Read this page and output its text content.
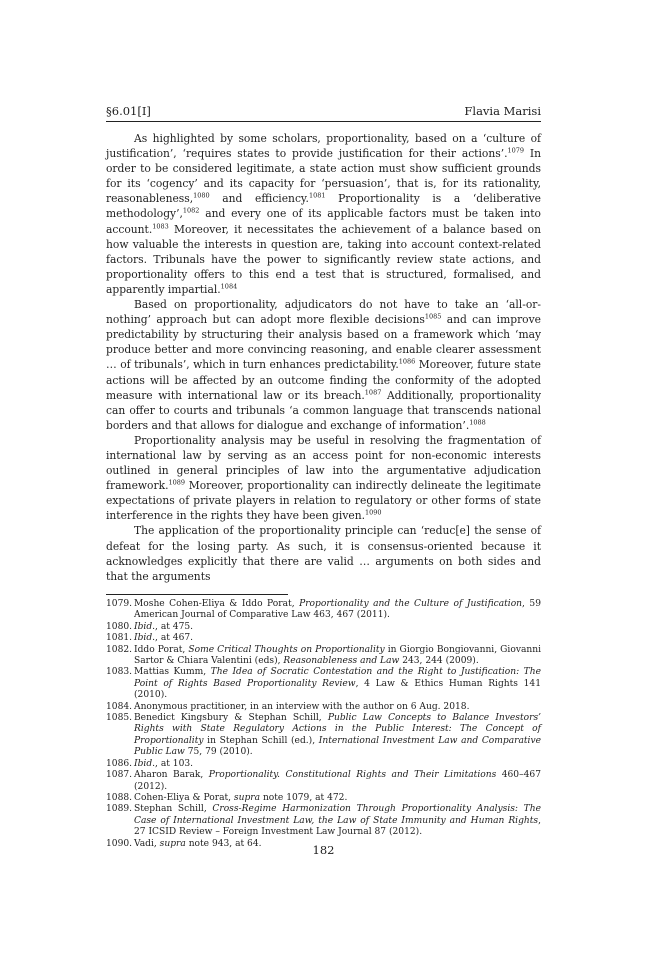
§6.01[I]	Flavia Marisi

As highlighted by some scholars, proportionality, based on a ‘culture of justification’, ‘requires states to provide justification for their actions’.$^{1079}$ In order to be considered legitimate, a state action must show sufficient grounds for its ‘cogency’ and its capacity for ‘persuasion’, that is, for its rationality, reasonableness,$^{1080}$ and efficiency.$^{1081}$ Proportionality is a ‘deliberative methodology’,$^{1082}$ and every one of its applicable factors must be taken into account.$^{1083}$ Moreover, it necessitates the achievement of a balance based on how valuable the interests in question are, taking into account context-related factors. Tribunals have the power to significantly review state actions, and proportionality offers to this end a test that is structured, formalised, and apparently impartial.$^{1084}$

Based on proportionality, adjudicators do not have to take an ‘all-or-nothing’ approach but can adopt more flexible decisions$^{1085}$ and can improve predictability by structuring their analysis based on a framework which ‘may produce better and more convincing reasoning, and enable clearer assessment … of tribunals’, which in turn enhances predictability.$^{1086}$ Moreover, future state actions will be affected by an outcome finding the conformity of the adopted measure with international law or its breach.$^{1087}$ Additionally, proportionality can offer to courts and tribunals ‘a common language that transcends national borders and that allows for dialogue and exchange of information’.$^{1088}$

Proportionality analysis may be useful in resolving the fragmentation of international law by serving as an access point for non-economic interests outlined in general principles of law into the argumentative adjudication framework.$^{1089}$ Moreover, proportionality can indirectly delineate the legitimate expectations of private players in relation to regulatory or other forms of state interference in the rights they have been given.$^{1090}$

The application of the proportionality principle can ‘reduc[e] the sense of defeat for the losing party. As such, it is consensus-oriented because it acknowledges explicitly that there are valid … arguments on both sides and that the arguments

1079. Moshe Cohen-Eliya & Iddo Porat, Proportionality and the Culture of Justification, 59 American Journal of Comparative Law 463, 467 (2011).
1080. Ibid., at 475.
1081. Ibid., at 467.
1082. Iddo Porat, Some Critical Thoughts on Proportionality in Giorgio Bongiovanni, Giovanni Sartor & Chiara Valentini (eds), Reasonableness and Law 243, 244 (2009).
1083. Mattias Kumm, The Idea of Socratic Contestation and the Right to Justification: The Point of Rights Based Proportionality Review, 4 Law & Ethics Human Rights 141 (2010).
1084. Anonymous practitioner, in an interview with the author on 6 Aug. 2018.
1085. Benedict Kingsbury & Stephan Schill, Public Law Concepts to Balance Investors’ Rights with State Regulatory Actions in the Public Interest: The Concept of Proportionality in Stephan Schill (ed.), International Investment Law and Comparative Public Law 75, 79 (2010).
1086. Ibid., at 103.
1087. Aharon Barak, Proportionality. Constitutional Rights and Their Limitations 460–467 (2012).
1088. Cohen-Eliya & Porat, supra note 1079, at 472.
1089. Stephan Schill, Cross-Regime Harmonization Through Proportionality Analysis: The Case of International Investment Law, the Law of State Immunity and Human Rights, 27 ICSID Review – Foreign Investment Law Journal 87 (2012).
1090. Vadi, supra note 943, at 64.	182
